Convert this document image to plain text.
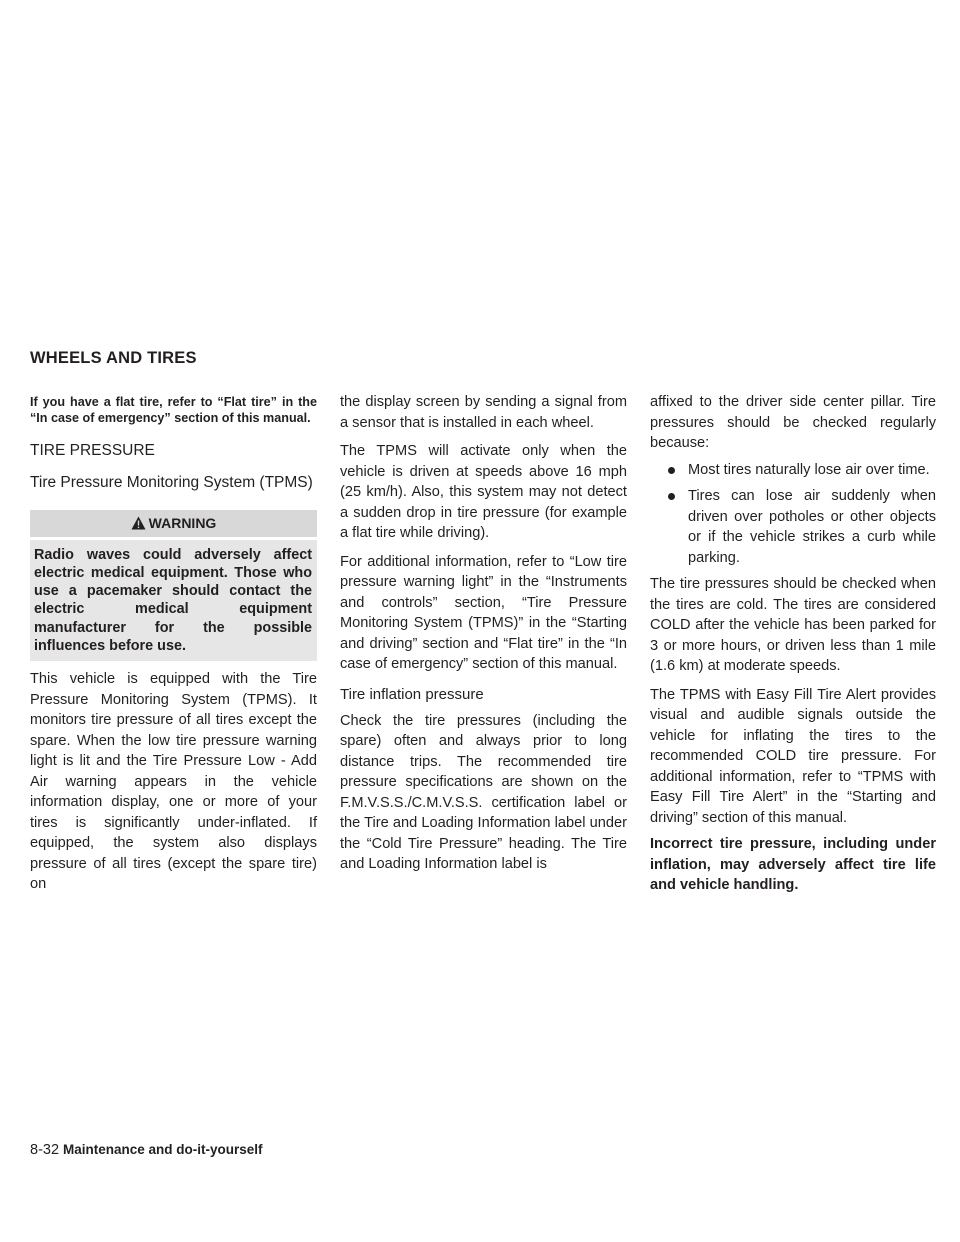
WHEELS AND TIRES

If you have a flat tire, refer to “Flat tire” in the “In case of emergency” section of this manual.

TIRE PRESSURE
Tire Pressure Monitoring System (TPMS)
WARNING
Radio waves could adversely affect electric medical equipment. Those who use a pacemaker should contact the electric medical equipment manufacturer for the possible influences before use.

This vehicle is equipped with the Tire Pressure Monitoring System (TPMS). It monitors tire pressure of all tires except the spare. When the low tire pressure warning light is lit and the Tire Pressure Low - Add Air warning appears in the vehicle information display, one or more of your tires is significantly under-inflated. If equipped, the system also displays pressure of all tires (except the spare tire) on

the display screen by sending a signal from a sensor that is installed in each wheel.

The TPMS will activate only when the vehicle is driven at speeds above 16 mph (25 km/h). Also, this system may not detect a sudden drop in tire pressure (for example a flat tire while driving).

For additional information, refer to “Low tire pressure warning light” in the “Instruments and controls” section, “Tire Pressure Monitoring System (TPMS)” in the “Starting and driving” section and “Flat tire” in the “In case of emergency” section of this manual.

Tire inflation pressure

Check the tire pressures (including the spare) often and always prior to long distance trips. The recommended tire pressure specifications are shown on the F.M.V.S.S./C.M.V.S.S. certification label or the Tire and Loading Information label under the “Cold Tire Pressure” heading. The Tire and Loading Information label is

affixed to the driver side center pillar. Tire pressures should be checked regularly because:

Most tires naturally lose air over time.
Tires can lose air suddenly when driven over potholes or other objects or if the vehicle strikes a curb while parking.

The tire pressures should be checked when the tires are cold. The tires are considered COLD after the vehicle has been parked for 3 or more hours, or driven less than 1 mile (1.6 km) at moderate speeds.

The TPMS with Easy Fill Tire Alert provides visual and audible signals outside the vehicle for inflating the tires to the recommended COLD tire pressure. For additional information, refer to “TPMS with Easy Fill Tire Alert” in the “Starting and driving” section of this manual.

Incorrect tire pressure, including under inflation, may adversely affect tire life and vehicle handling.

8-32 Maintenance and do-it-yourself
